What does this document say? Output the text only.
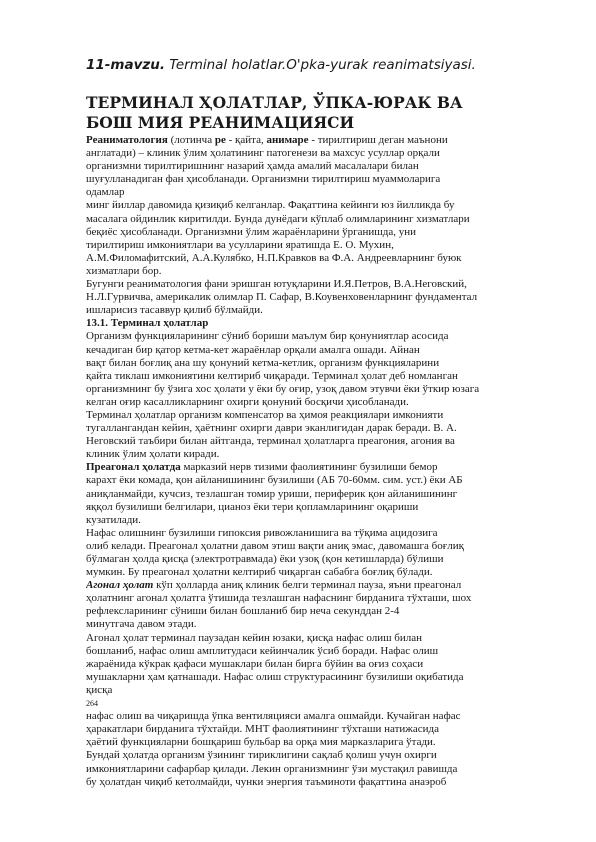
11-mavzu. Terminal holatlar.O'pka-yurak reanimatsiyasi.
ТЕРМИНАЛ ҲОЛАТЛАР, ЎПКА-ЮРАК ВА
БОШ МИЯ РЕАНИМАЦИЯСИ
Реаниматология (лотинча ре - қайта, анимаре - тирилтириш деган маънони
англатади) – клиник ўлим ҳолатининг патогенези ва махсус усуллар орқали
организмни тирилтиришнинг назарий ҳамда амалий масалалари билан
шуғулланадиган фан ҳисобланади. Организмни тирилтириш муаммоларига
одамлар
минг йиллар давомида қизиқиб келганлар. Фақаттина кейинги юз йилликда бу
масалага ойдинлик киритилди. Бунда дунёдаги кўплаб олимларининг хизматлари
беқиёс ҳисобланади. Организмни ўлим жараёнларини ўрганишда, уни
тирилтириш имкониятлари ва усулларини яратишда Е. О. Мухин,
А.М.Филомафитский, А.А.Кулябко, Н.П.Кравков ва Ф.А. Андреевларнинг буюк
хизматлари бор.
Бугунги реаниматология фани эришган ютуқларини И.Я.Петров, В.А.Неговский,
Н.Л.Гурвичва, америкалик олимлар П. Сафар, В.Коувенховенларнинг фундаментал
ишларисиз тасаввур қилиб бўлмайди.
13.1. Терминал ҳолатлар
Организм функцияларининг сўниб бориши маълум бир қонуниятлар асосида
кечадиган бир қатор кетма-кет жараёнлар орқали амалга ошади. Айнан
вақт билан боғлиқ ана шу қонуний кетма-кетлик, организм функцияларини
қайта тиклаш имкониятини келтириб чиқаради. Терминал ҳолат деб номланган
организмнинг бу ўзига хос ҳолати у ёки бу оғир, узоқ давом этувчи ёки ўткир юзага
келган оғир касалликларнинг охирги қонуний босқичи ҳисобланади.
Терминал ҳолатлар организм компенсатор ва ҳимоя реакциялари имконияти
тугаллангандан кейин, ҳаётнинг охирги даври эканлигидан дарак беради. В. А.
Неговский таъбири билан айтганда, терминал ҳолатларга преагония, агония ва
клиник ўлим ҳолати киради.
Преагонал ҳолатда марказий нерв тизими фаолиятининг бузилиши бемор
карахт ёки комада, қон айланишининг бузилиши (АБ 70-60мм. сим. уст.) ёки АБ
аниқланмайди, кучсиз, тезлашган томир уриши, периферик қон айланишининг
яққол бузилиши белгилари, цианоз ёки тери қопламларининг оқариши
кузатилади.
Нафас олишнинг бузилиши гипоксия ривожланишига ва тўқима ацидозига
олиб келади. Преагонал ҳолатни давом этиш вақти аниқ эмас, давомашга боғлиқ
бўлмаган ҳолда қисқа (электротравмада) ёки узоқ (қон кетишларда) бўлиши
мумкин. Бу преагонал ҳолатни келтириб чиқарган сабабга боғлиқ бўлади.
Агонал ҳолат кўп ҳолларда аниқ клиник белги терминал пауза, яъни преагонал
ҳолатнинг агонал ҳолатга ўтишида тезлашган нафаснинг бирданига тўхташи, шох
рефлексларининг сўниши билан бошланиб бир неча секунддан 2-4
минутгача давом этади.
Агонал ҳолат терминал паузадан кейин юзаки, қисқа нафас олиш билан
бошланиб, нафас олиш амплитудаси кейинчалик ўсиб боради. Нафас олиш
жараёнида кўкрак қафаси мушаклари билан бирга бўйин ва оғиз соҳаси
мушакларни ҳам қатнашади. Нафас олиш структурасининг бузилиши оқибатида
қисқа
264
нафас олиш ва чиқаришда ўпка вентиляцияси амалга ошмайди. Кучайган нафас
ҳаракатлари бирданига тўхтайди. МНТ фаолиятининг тўхташи натижасида
ҳаётий функцияларни бошқариш бульбар ва орқа мия марказларига ўтади.
Бундай ҳолатда организм ўзининг тириклигини сақлаб қолиш учун охирги
имкониятларини сафарбар қилади. Лекин организмнинг ўзи мустақил равишда
бу ҳолатдан чиқиб кетолмайди, чунки энергия таъминоти фақаттина анаэроб
